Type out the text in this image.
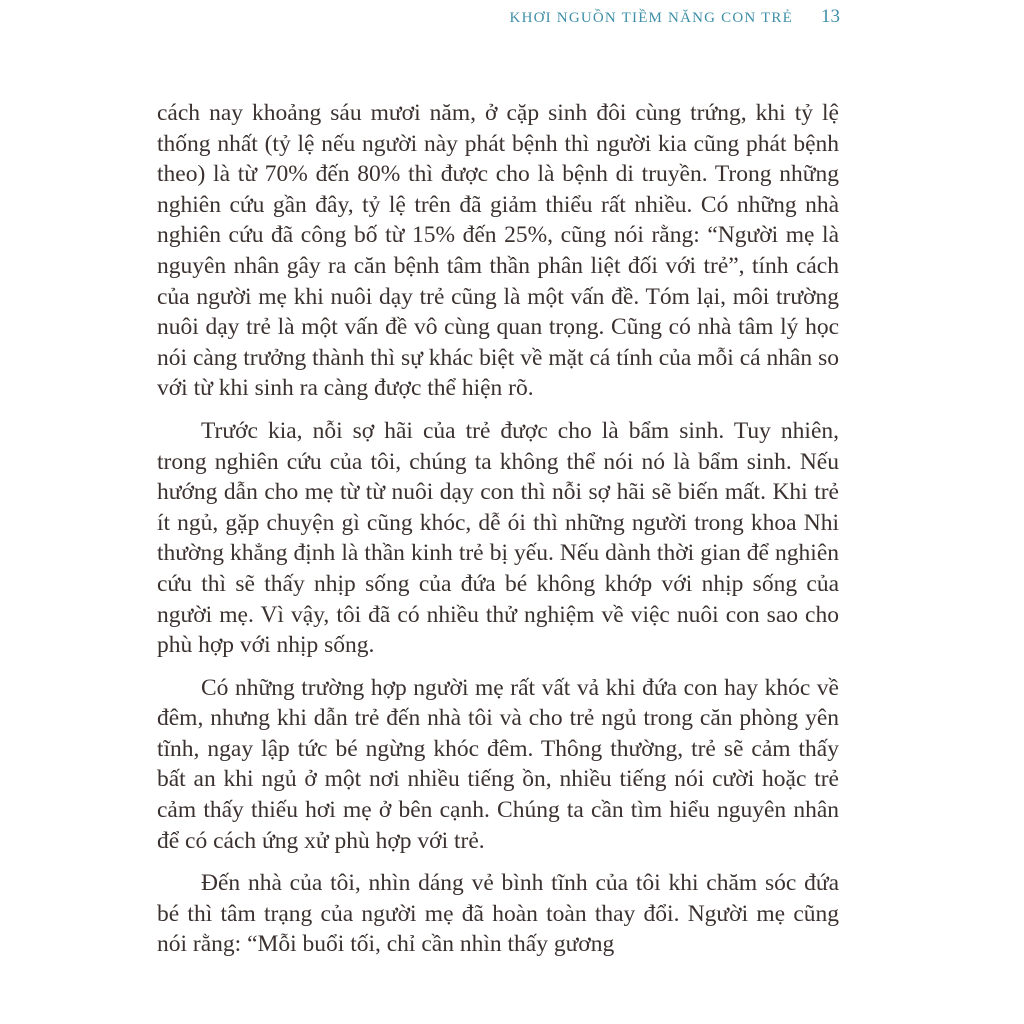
KHƠI NGUỒN TIỀM NĂNG CON TRẺ 13

cách nay khoảng sáu mươi năm, ở cặp sinh đôi cùng trứng, khi tỷ lệ thống nhất (tỷ lệ nếu người này phát bệnh thì người kia cũng phát bệnh theo) là từ 70% đến 80% thì được cho là bệnh di truyền. Trong những nghiên cứu gần đây, tỷ lệ trên đã giảm thiểu rất nhiều. Có những nhà nghiên cứu đã công bố từ 15% đến 25%, cũng nói rằng: “Người mẹ là nguyên nhân gây ra căn bệnh tâm thần phân liệt đối với trẻ”, tính cách của người mẹ khi nuôi dạy trẻ cũng là một vấn đề. Tóm lại, môi trường nuôi dạy trẻ là một vấn đề vô cùng quan trọng. Cũng có nhà tâm lý học nói càng trưởng thành thì sự khác biệt về mặt cá tính của mỗi cá nhân so với từ khi sinh ra càng được thể hiện rõ.

Trước kia, nỗi sợ hãi của trẻ được cho là bẩm sinh. Tuy nhiên, trong nghiên cứu của tôi, chúng ta không thể nói nó là bẩm sinh. Nếu hướng dẫn cho mẹ từ từ nuôi dạy con thì nỗi sợ hãi sẽ biến mất. Khi trẻ ít ngủ, gặp chuyện gì cũng khóc, dễ ói thì những người trong khoa Nhi thường khẳng định là thần kinh trẻ bị yếu. Nếu dành thời gian để nghiên cứu thì sẽ thấy nhịp sống của đứa bé không khớp với nhịp sống của người mẹ. Vì vậy, tôi đã có nhiều thử nghiệm về việc nuôi con sao cho phù hợp với nhịp sống.

Có những trường hợp người mẹ rất vất vả khi đứa con hay khóc về đêm, nhưng khi dẫn trẻ đến nhà tôi và cho trẻ ngủ trong căn phòng yên tĩnh, ngay lập tức bé ngừng khóc đêm. Thông thường, trẻ sẽ cảm thấy bất an khi ngủ ở một nơi nhiều tiếng ồn, nhiều tiếng nói cười hoặc trẻ cảm thấy thiếu hơi mẹ ở bên cạnh. Chúng ta cần tìm hiểu nguyên nhân để có cách ứng xử phù hợp với trẻ.

Đến nhà của tôi, nhìn dáng vẻ bình tĩnh của tôi khi chăm sóc đứa bé thì tâm trạng của người mẹ đã hoàn toàn thay đổi. Người mẹ cũng nói rằng: “Mỗi buổi tối, chỉ cần nhìn thấy gương
